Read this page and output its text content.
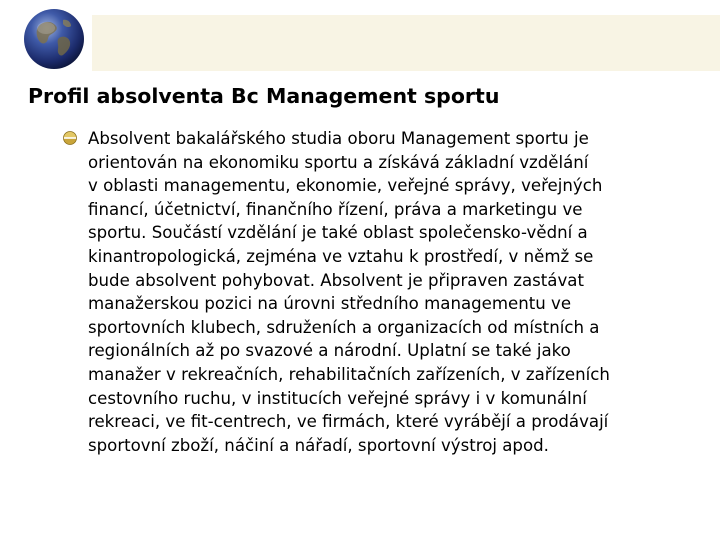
Profil absolventa Bc Management sportu
Absolvent bakalářského studia oboru Management sportu je
orientován na ekonomiku sportu a získává základní vzdělání
v oblasti managementu, ekonomie, veřejné správy, veřejných
financí, účetnictví, finančního řízení, práva a marketingu ve
sportu. Součástí vzdělání je také oblast společensko-vědní a
kinantropologická, zejména ve vztahu k prostředí, v němž se
bude absolvent pohybovat. Absolvent je připraven zastávat
manažerskou pozici na úrovni středního managementu ve
sportovních klubech, sdruženích a organizacích od místních a
regionálních až po svazové a národní. Uplatní se také jako
manažer v rekreačních, rehabilitačních zařízeních, v zařízeních
cestovního ruchu, v institucích veřejné správy i v komunální
rekreaci, ve fit-centrech, ve firmách, které vyrábějí a prodávají
sportovní zboží, náčiní a nářadí, sportovní výstroj apod.
